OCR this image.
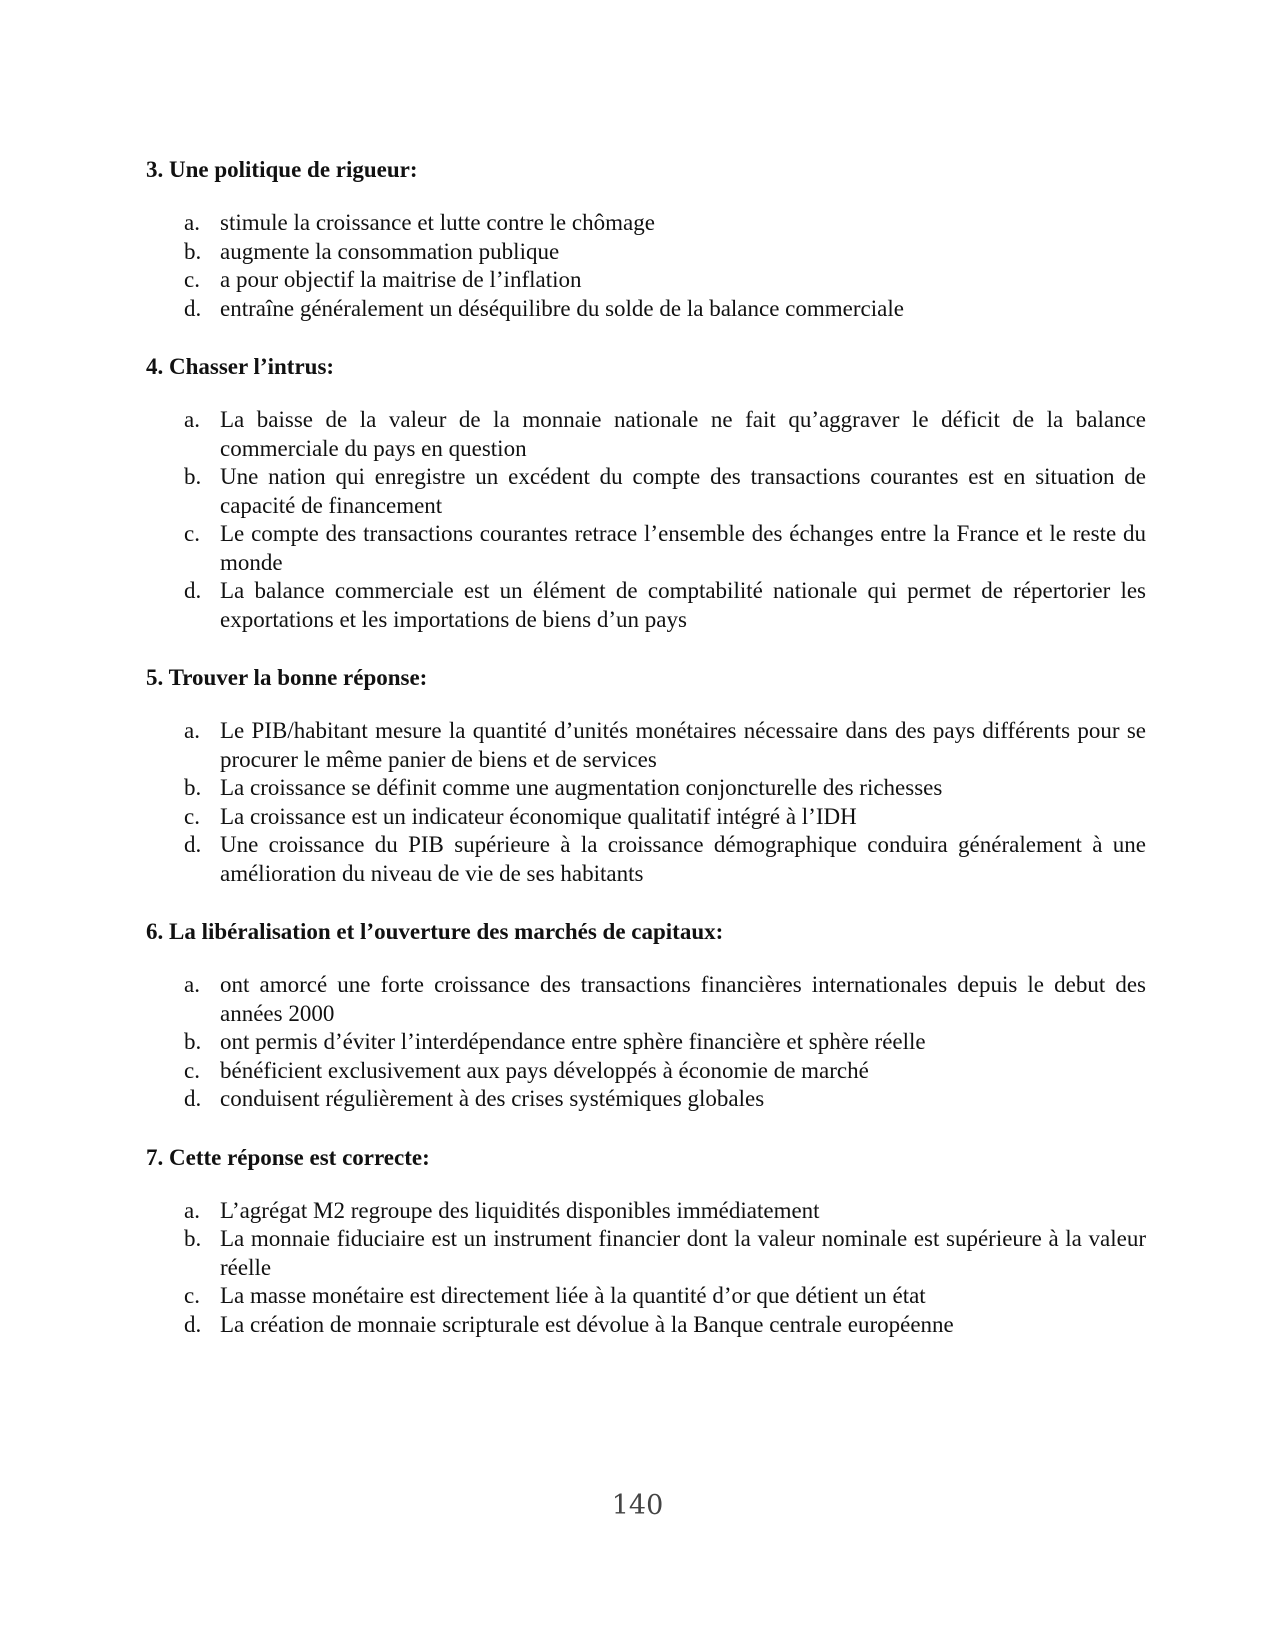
3. Une politique de rigueur:
a. stimule la croissance et lutte contre le chômage
b. augmente la consommation publique
c. a pour objectif la maitrise de l’inflation
d. entraîne généralement un déséquilibre du solde de la balance commerciale
4. Chasser l’intrus:
a. La baisse de la valeur de la monnaie nationale ne fait qu’aggraver le déficit de la balance commerciale du pays en question
b. Une nation qui enregistre un excédent du compte des transactions courantes est en situation de capacité de financement
c. Le compte des transactions courantes retrace l’ensemble des échanges entre la France et le reste du monde
d. La balance commerciale est un élément de comptabilité nationale qui permet de répertorier les exportations et les importations de biens d’un pays
5. Trouver la bonne réponse:
a. Le PIB/habitant mesure la quantité d’unités monétaires nécessaire dans des pays différents pour se procurer le même panier de biens et de services
b. La croissance se définit comme une augmentation conjoncturelle des richesses
c. La croissance est un indicateur économique qualitatif intégré à l’IDH
d. Une croissance du PIB supérieure à la croissance démographique conduira généralement à une amélioration du niveau de vie de ses habitants
6. La libéralisation et l’ouverture des marchés de capitaux:
a. ont amorcé une forte croissance des transactions financières internationales depuis le debut des années 2000
b. ont permis d’éviter l’interdépendance entre sphère financière et sphère réelle
c. bénéficient exclusivement aux pays développés à économie de marché
d. conduisent régulièrement à des crises systémiques globales
7. Cette réponse est correcte:
a. L’agrégat M2 regroupe des liquidités disponibles immédiatement
b. La monnaie fiduciaire est un instrument financier dont la valeur nominale est supérieure à la valeur réelle
c. La masse monétaire est directement liée à la quantité d’or que détient un état
d. La création de monnaie scripturale est dévolue à la Banque centrale européenne
140
